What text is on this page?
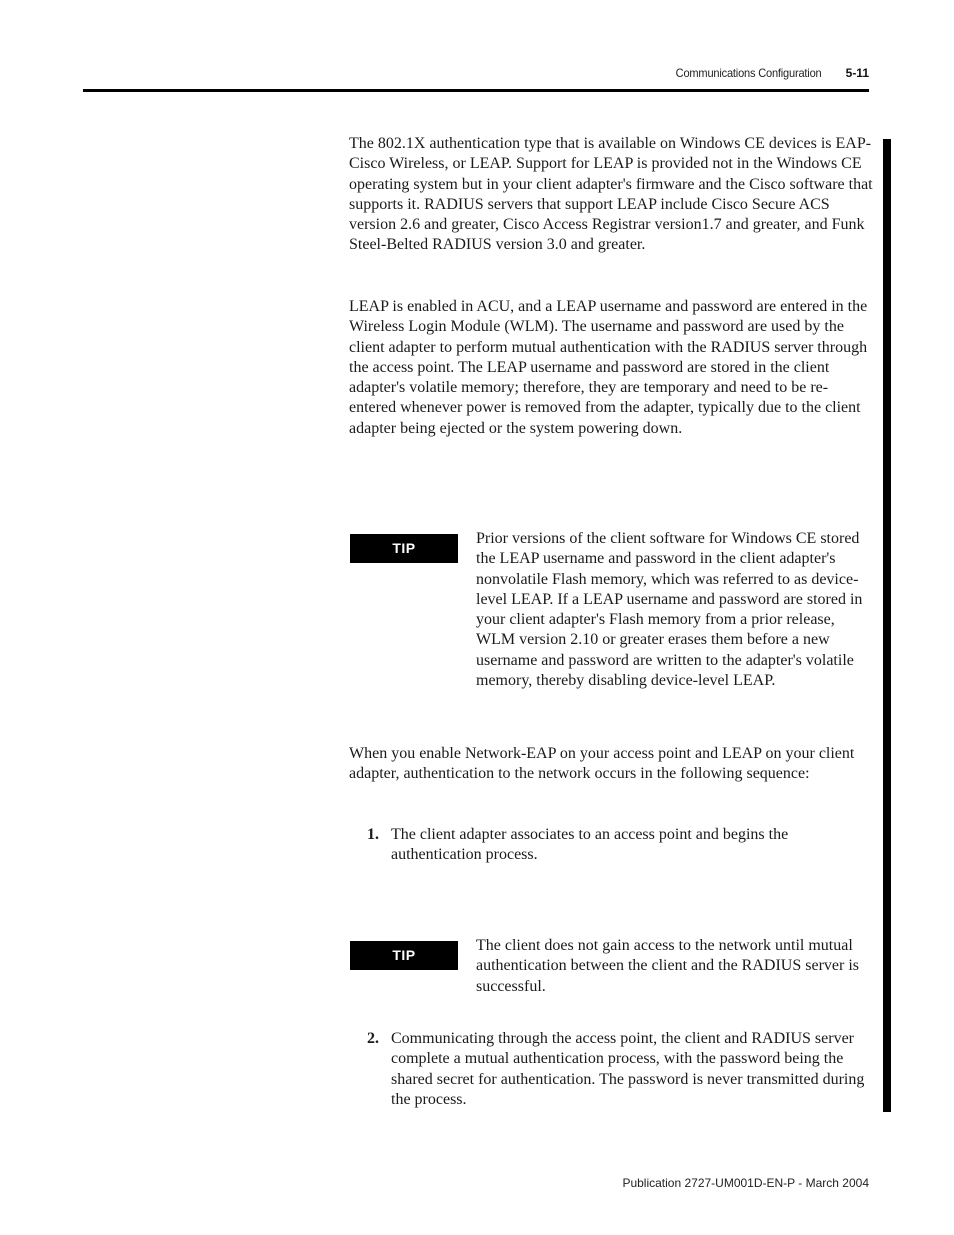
Communications Configuration 5-11

The 802.1X authentication type that is available on Windows CE devices is EAP-Cisco Wireless, or LEAP. Support for LEAP is provided not in the Windows CE operating system but in your client adapter's firmware and the Cisco software that supports it. RADIUS servers that support LEAP include Cisco Secure ACS version 2.6 and greater, Cisco Access Registrar version1.7 and greater, and Funk Steel-Belted RADIUS version 3.0 and greater.

LEAP is enabled in ACU, and a LEAP username and password are entered in the Wireless Login Module (WLM). The username and password are used by the client adapter to perform mutual authentication with the RADIUS server through the access point. The LEAP username and password are stored in the client adapter's volatile memory; therefore, they are temporary and need to be re-entered whenever power is removed from the adapter, typically due to the client adapter being ejected or the system powering down.

TIP

Prior versions of the client software for Windows CE stored the LEAP username and password in the client adapter's nonvolatile Flash memory, which was referred to as device-level LEAP. If a LEAP username and password are stored in your client adapter's Flash memory from a prior release, WLM version 2.10 or greater erases them before a new username and password are written to the adapter's volatile memory, thereby disabling device-level LEAP.

When you enable Network-EAP on your access point and LEAP on your client adapter, authentication to the network occurs in the following sequence:

1. The client adapter associates to an access point and begins the authentication process.

TIP

The client does not gain access to the network until mutual authentication between the client and the RADIUS server is successful.

2. Communicating through the access point, the client and RADIUS server complete a mutual authentication process, with the password being the shared secret for authentication. The password is never transmitted during the process.

Publication 2727-UM001D-EN-P - March 2004
